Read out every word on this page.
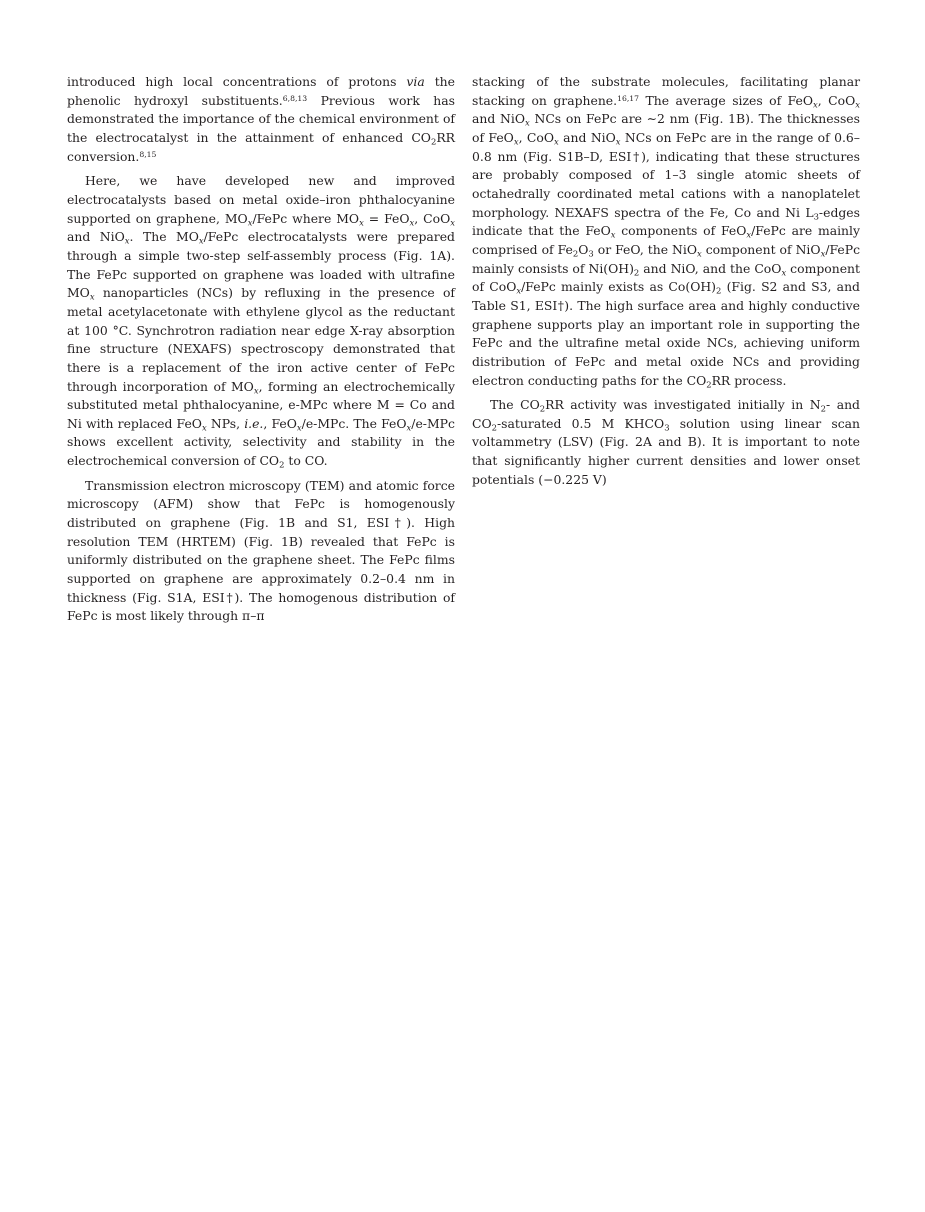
introduced high local concentrations of protons via the phenolic hydroxyl substituents.$^{6,8,13}$ Previous work has demonstrated the importance of the chemical environment of the electrocatalyst in the attainment of enhanced $CO_2RR$ conversion.$^{8,15}$

Here, we have developed new and improved electrocatalysts based on metal oxide–iron phthalocyanine supported on graphene, $MO_x$/FePc where $MO_x = FeO_x$, CoO$_x$ and NiO$_x$. The $MO_x$/FePc electrocatalysts were prepared through a simple two-step self-assembly process (Fig. 1A). The FePc supported on graphene was loaded with ultrafine $MO_x$ nanoparticles (NCs) by refluxing in the presence of metal acetylacetonate with ethylene glycol as the reductant at 100 °C. Synchrotron radiation near edge X-ray absorption fine structure (NEXAFS) spectroscopy demonstrated that there is a replacement of the iron active center of FePc through incorporation of $MO_x$, forming an electrochemically substituted metal phthalocyanine, e-MPc where M = Co and Ni with replaced FeO$_x$ NPs, i.e., FeO$_x$/e-MPc. The FeO$_x$/e-MPc shows excellent activity, selectivity and stability in the electrochemical conversion of $CO_2$ to CO.

Transmission electron microscopy (TEM) and atomic force microscopy (AFM) show that FePc is homogenously distributed on graphene (Fig. 1B and S1, ESI†). High resolution TEM (HRTEM) (Fig. 1B) revealed that FePc is uniformly distributed on the graphene sheet. The FePc films supported on graphene are approximately 0.2–0.4 nm in thickness (Fig. S1A, ESI†). The homogenous distribution of FePc is most likely through π–π

stacking of the substrate molecules, facilitating planar stacking on graphene.$^{16,17}$ The average sizes of FeO$_x$, CoO$_x$ and NiO$_x$ NCs on FePc are ∼2 nm (Fig. 1B). The thicknesses of FeO$_x$, CoO$_x$ and NiO$_x$ NCs on FePc are in the range of 0.6–0.8 nm (Fig. S1B–D, ESI†), indicating that these structures are probably composed of 1–3 single atomic sheets of octahedrally coordinated metal cations with a nanoplatelet morphology. NEXAFS spectra of the Fe, Co and Ni $L_3$-edges indicate that the FeO$_x$ components of FeO$_x$/FePc are mainly comprised of $Fe_2O_3$ or FeO, the NiO$_x$ component of NiO$_x$/FePc mainly consists of $Ni(OH)_2$ and NiO, and the CoO$_x$ component of CoO$_x$/FePc mainly exists as $Co(OH)_2$ (Fig. S2 and S3, and Table S1, ESI†). The high surface area and highly conductive graphene supports play an important role in supporting the FePc and the ultrafine metal oxide NCs, achieving uniform distribution of FePc and metal oxide NCs and providing electron conducting paths for the $CO_2RR$ process.

The $CO_2RR$ activity was investigated initially in $N_2-$ and $CO_2$-saturated 0.5 M $KHCO_3$ solution using linear scan voltammetry (LSV) (Fig. 2A and B). It is important to note that significantly higher current densities and lower onset potentials (−0.225 V)
